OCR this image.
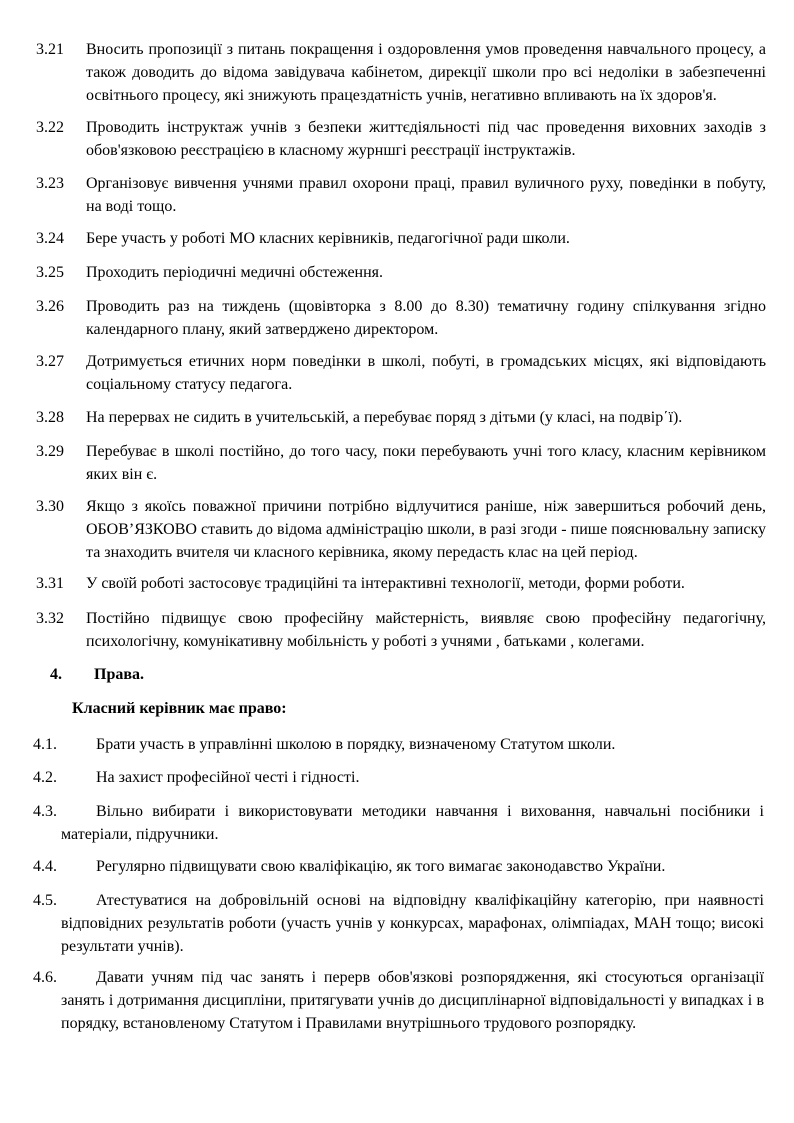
3.21 Вносить пропозиції з питань покращення і оздоровлення умов проведення навчального процесу, а також доводить до відома завідувача кабінетом, дирекції школи про всі недоліки в забезпеченні освітнього процесу, які знижують працездатність учнів, негативно впливають на їх здоров'я.
3.22 Проводить інструктаж учнів з безпеки життєдіяльності під час проведення виховних заходів з обов'язковою реєстрацією в класному журншгі реєстрації інструктажів.
3.23 Організовує вивчення учнями правил охорони праці, правил вуличного руху, поведінки в побуту, на воді тощо.
3.24 Бере участь у роботі МО класних керівників, педагогічної ради школи.
3.25 Проходить періодичні медичні обстеження.
3.26 Проводить раз на тиждень (щовівторка з 8.00 до 8.30) тематичну годину спілкування згідно календарного плану, який затверджено директором.
3.27 Дотримується етичних норм поведінки в школі, побуті, в громадських місцях, які відповідають соціальному статусу педагога.
3.28 На перервах не сидить в учительській, а перебуває поряд з дітьми (у класі, на подвір΄ї).
3.29 Перебуває в школі постійно, до того часу, поки перебувають учні того класу, класним керівником яких він є.
3.30 Якщо з якоїсь поважної причини потрібно відлучитися раніше, ніж завершиться робочий день, ОБОВ’ЯЗКОВО ставить до відома адміністрацію школи, в разі згоди - пише пояснювальну записку та знаходить вчителя чи класного керівника, якому передасть клас на цей період.
3.31 У своїй роботі застосовує традиційні та інтерактивні технології, методи, форми роботи.
3.32 Постійно підвищує свою професійну майстерність, виявляє свою професійну педагогічну, психологічну, комунікативну мобільність у роботі з учнями , батьками , колегами.
4. Права.
Класний керівник має право:
4.1. Брати участь в управлінні школою в порядку, визначеному Статутом школи.
4.2. На захист професійної честі і гідності.
4.3.	Вільно вибирати і використовувати методики навчання і виховання, навчальні посібники і матеріали, підручники.
4.4. Регулярно підвищувати свою кваліфікацію, як того вимагає законодавство України.
4.5.	Атестуватися на добровільній основі на відповідну кваліфікаційну категорію, при наявності відповідних результатів роботи (участь учнів у конкурсах, марафонах, олімпіадах, МАН тощо; високі результати учнів).
4.6.	Давати учням під час занять і перерв обов'язкові розпорядження, які стосуються організації занять і дотримання дисципліни, притягувати учнів до дисциплінарної відповідальності у випадках і в порядку, встановленому Статутом і Правилами внутрішнього трудового розпорядку.
